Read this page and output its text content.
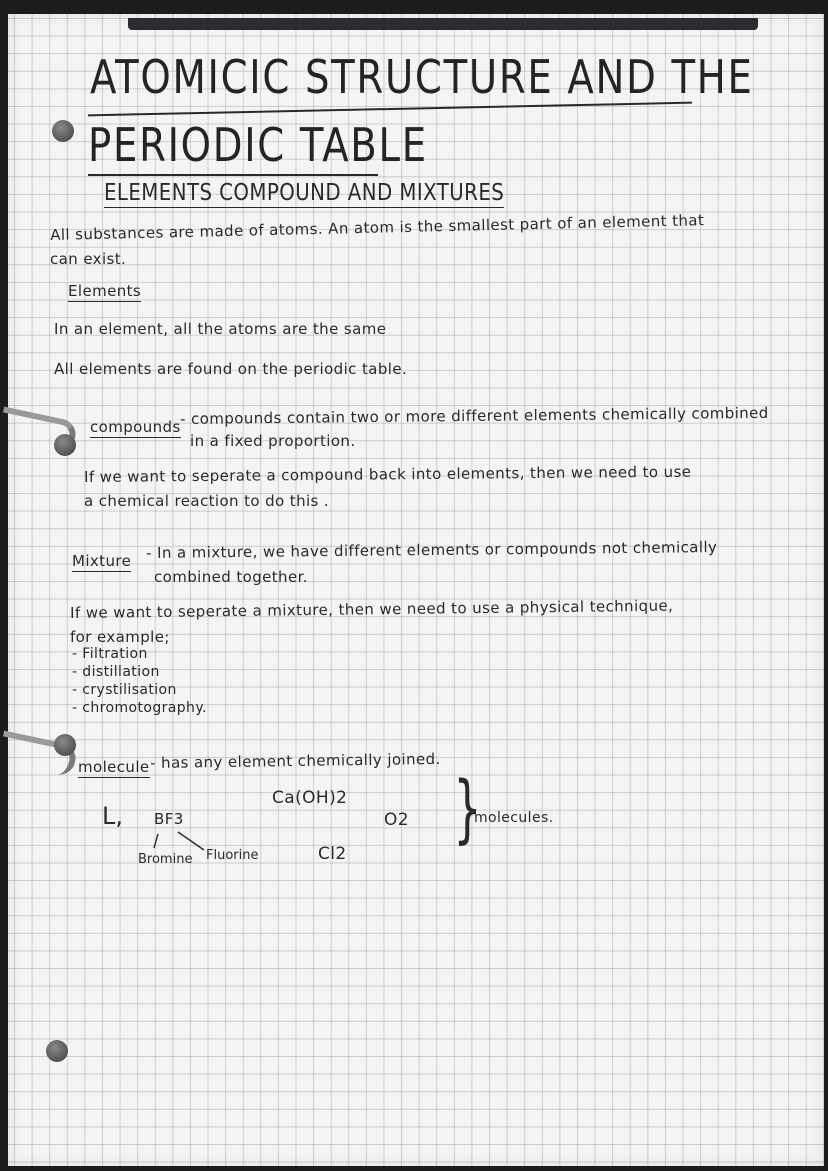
ATOMICIC STRUCTURE AND THE
PERIODIC TABLE
ELEMENTS COMPOUND AND MIXTURES
All substances are made of atoms. An atom is the smallest part of an element that
can exist.
Elements
In an element, all the atoms are the same
All elements are found on the periodic table.
compounds - compounds contain two or more different elements chemically combined
in a fixed proportion.
If we want to seperate a compound back into elements, then we need to use
a chemical reaction to do this .
Mixture - In a mixture, we have different elements or compounds not chemically
combined together.
If we want to seperate a mixture, then we need to use a physical technique,
for example;
- Filtration
- distillation
- crystilisation
- chromotography.
molecule - has any element chemically joined.
L, BF3
Ca(OH)2
O2
Cl2
Bromine Fluorine
}
molecules.
